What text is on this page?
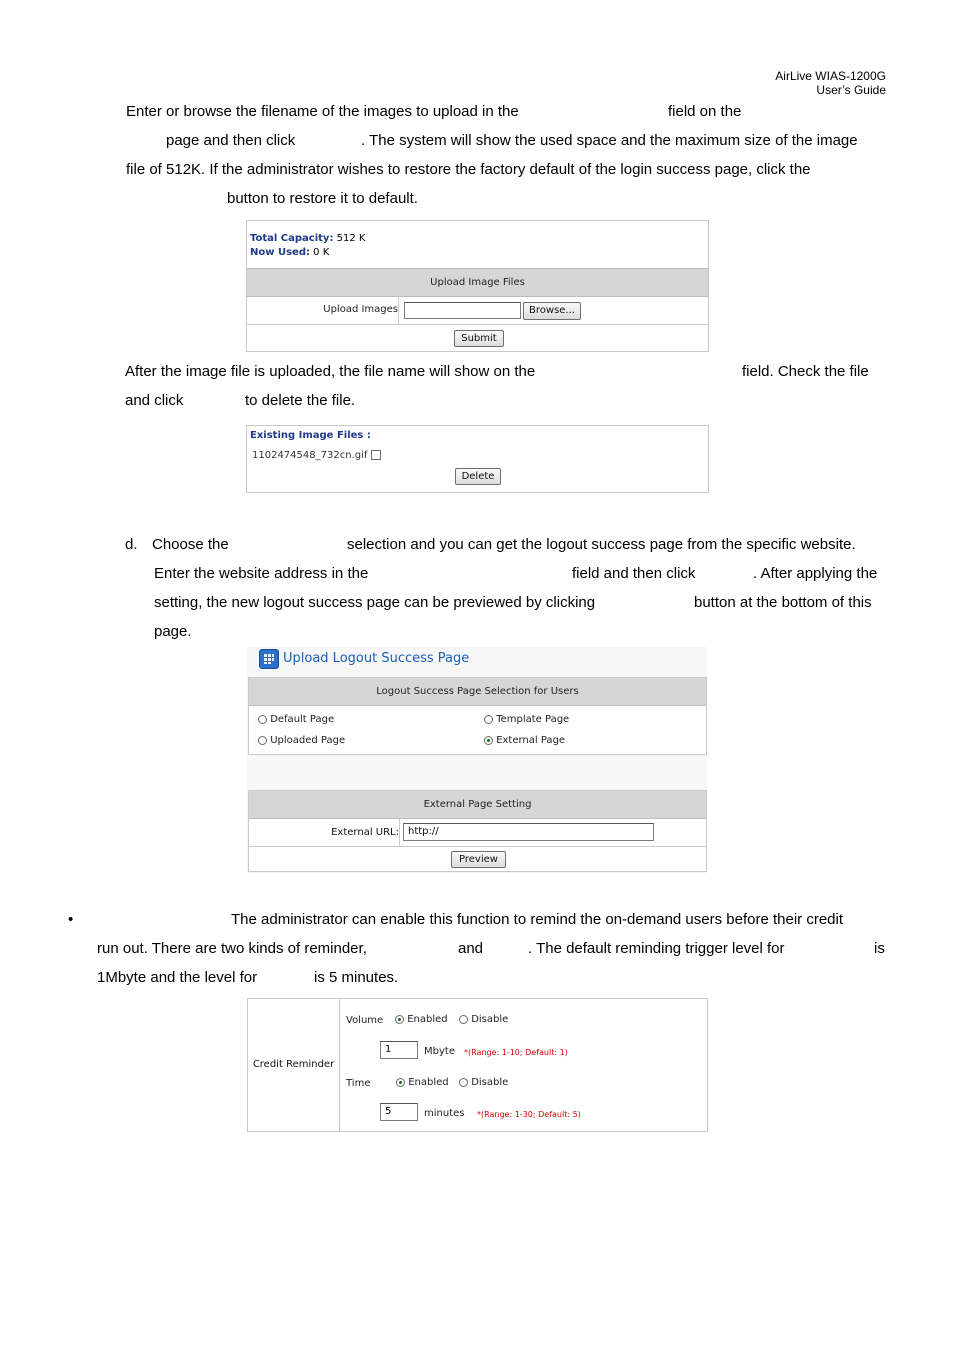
AirLive WIAS-1200G
User’s Guide
Enter or browse the filename of the images to upload in the	field on the
page and then click	. The system will show the used space and the maximum size of the image
file of 512K. If the administrator wishes to restore the factory default of the login success page, click the
button to restore it to default.
Total Capacity: 512 K
Now Used: 0 K
Upload Image Files
Upload Images	Browse...
Submit
After the image file is uploaded, the file name will show on the	field. Check the file
and click	to delete the file.
Existing Image Files :
1102474548_732cn.gif
Delete
d. Choose the	selection and you can get the logout success page from the specific website.
Enter the website address in the	field and then click	. After applying the
setting, the new logout success page can be previewed by clicking	button at the bottom of this
page.
Upload Logout Success Page
Logout Success Page Selection for Users
Default Page	Template Page
Uploaded Page	External Page
External Page Setting
External URL: http://
Preview
•	The administrator can enable this function to remind the on-demand users before their credit
run out. There are two kinds of reminder,	and	. The default reminding trigger level for	is
1Mbyte and the level for	is 5 minutes.
Credit Reminder
Volume	Enabled	Disable
1	Mbyte *(Range: 1-10; Default: 1)
Time	Enabled	Disable
5	minutes *(Range: 1-30; Default: 5)
